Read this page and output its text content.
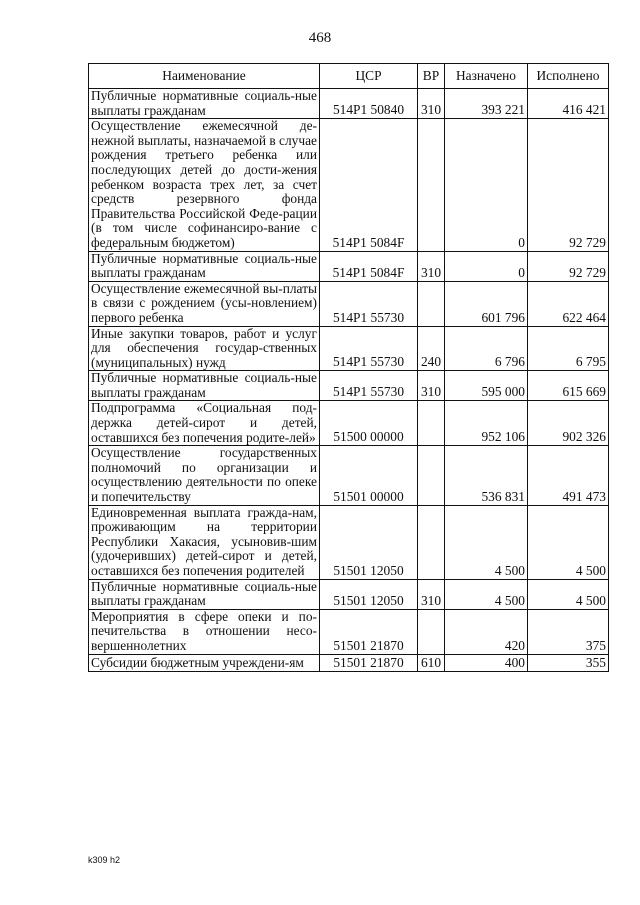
468
Наименование	ЦСР	ВР	Назначено	Исполнено
Публичные нормативные социаль-ные выплаты гражданам	514P1 50840	310	393 221	416 421
Осуществление ежемесячной де-нежной выплаты, назначаемой в случае рождения третьего ребенка или последующих детей до дости-жения ребенком возраста трех лет, за счет средств резервного фонда Правительства Российской Феде-рации (в том числе софинансиро-вание с федеральным бюджетом)	514P1 5084F		0	92 729
Публичные нормативные социаль-ные выплаты гражданам	514P1 5084F	310	0	92 729
Осуществление ежемесячной вы-платы в связи с рождением (усы-новлением) первого ребенка	514P1 55730		601 796	622 464
Иные закупки товаров, работ и услуг для обеспечения государ-ственных (муниципальных) нужд	514P1 55730	240	6 796	6 795
Публичные нормативные социаль-ные выплаты гражданам	514P1 55730	310	595 000	615 669
Подпрограмма «Социальная под-держка детей-сирот и детей, оставшихся без попечения родите-лей»	51500 00000		952 106	902 326
Осуществление государственных полномочий по организации и осуществлению деятельности по опеке и попечительству	51501 00000		536 831	491 473
Единовременная выплата гражда-нам, проживающим на территории Республики Хакасия, усыновив-шим (удочеривших) детей-сирот и детей, оставшихся без попечения родителей	51501 12050		4 500	4 500
Публичные нормативные социаль-ные выплаты гражданам	51501 12050	310	4 500	4 500
Мероприятия в сфере опеки и по-печительства в отношении несо-вершеннолетних	51501 21870		420	375
Субсидии бюджетным учреждени-ям	51501 21870	610	400	355
k309 h2
